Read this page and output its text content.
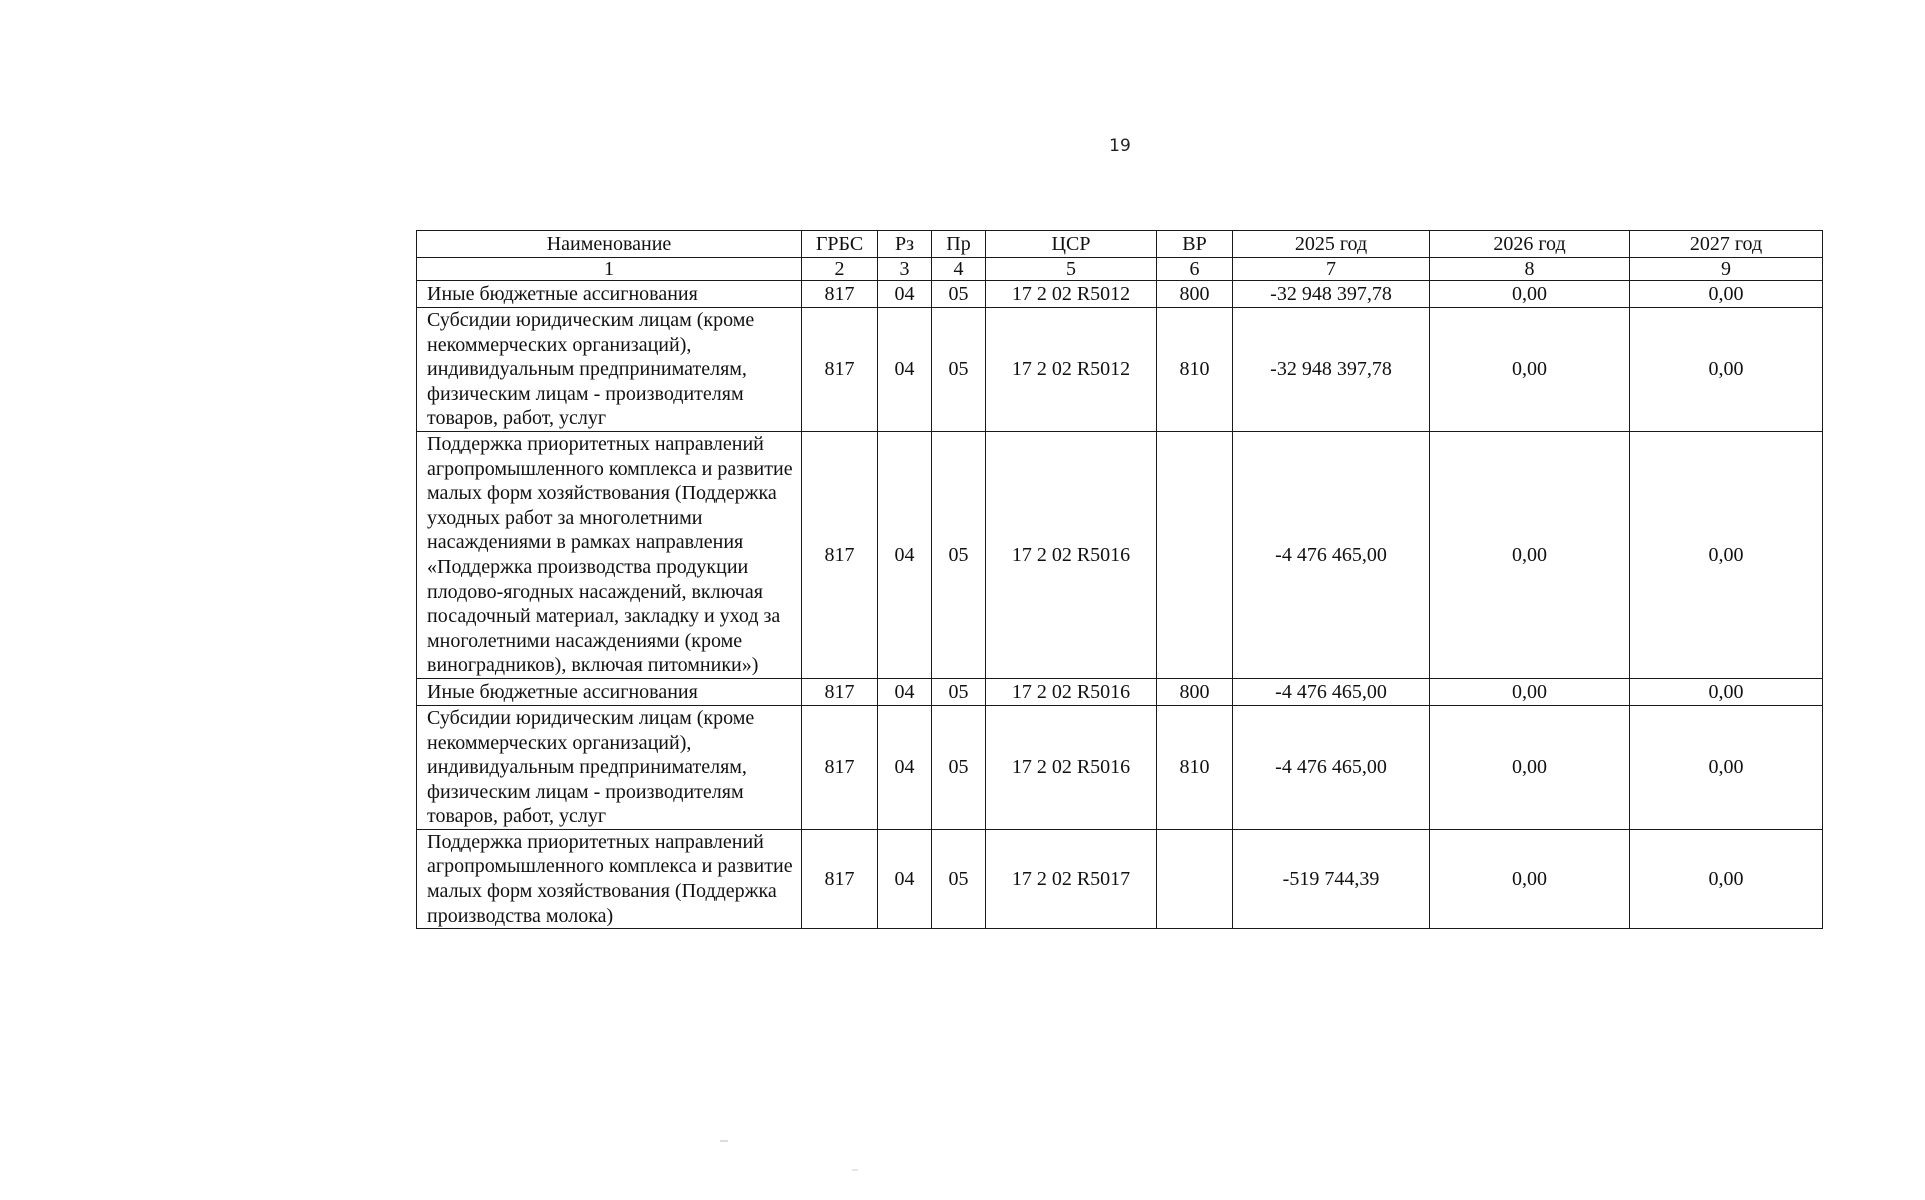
19
Наименование	ГРБС	Рз	Пр	ЦСР	ВР	2025 год	2026 год	2027 год
1	2	3	4	5	6	7	8	9
Иные бюджетные ассигнования	817	04	05	17 2 02 R5012	800	-32 948 397,78	0,00	0,00
Субсидии юридическим лицам (кроме некоммерческих организаций), индивидуальным предпринимателям, физическим лицам - производителям товаров, работ, услуг	817	04	05	17 2 02 R5012	810	-32 948 397,78	0,00	0,00
Поддержка приоритетных направлений агропромышленного комплекса и развитие малых форм хозяйствования (Поддержка уходных работ за многолетними насаждениями в рамках направления «Поддержка производства продукции плодово-ягодных насаждений, включая посадочный материал, закладку и уход за многолетними насаждениями (кроме виноградников), включая питомники»)	817	04	05	17 2 02 R5016		-4 476 465,00	0,00	0,00
Иные бюджетные ассигнования	817	04	05	17 2 02 R5016	800	-4 476 465,00	0,00	0,00
Субсидии юридическим лицам (кроме некоммерческих организаций), индивидуальным предпринимателям, физическим лицам - производителям товаров, работ, услуг	817	04	05	17 2 02 R5016	810	-4 476 465,00	0,00	0,00
Поддержка приоритетных направлений агропромышленного комплекса и развитие малых форм хозяйствования (Поддержка производства молока)	817	04	05	17 2 02 R5017		-519 744,39	0,00	0,00
